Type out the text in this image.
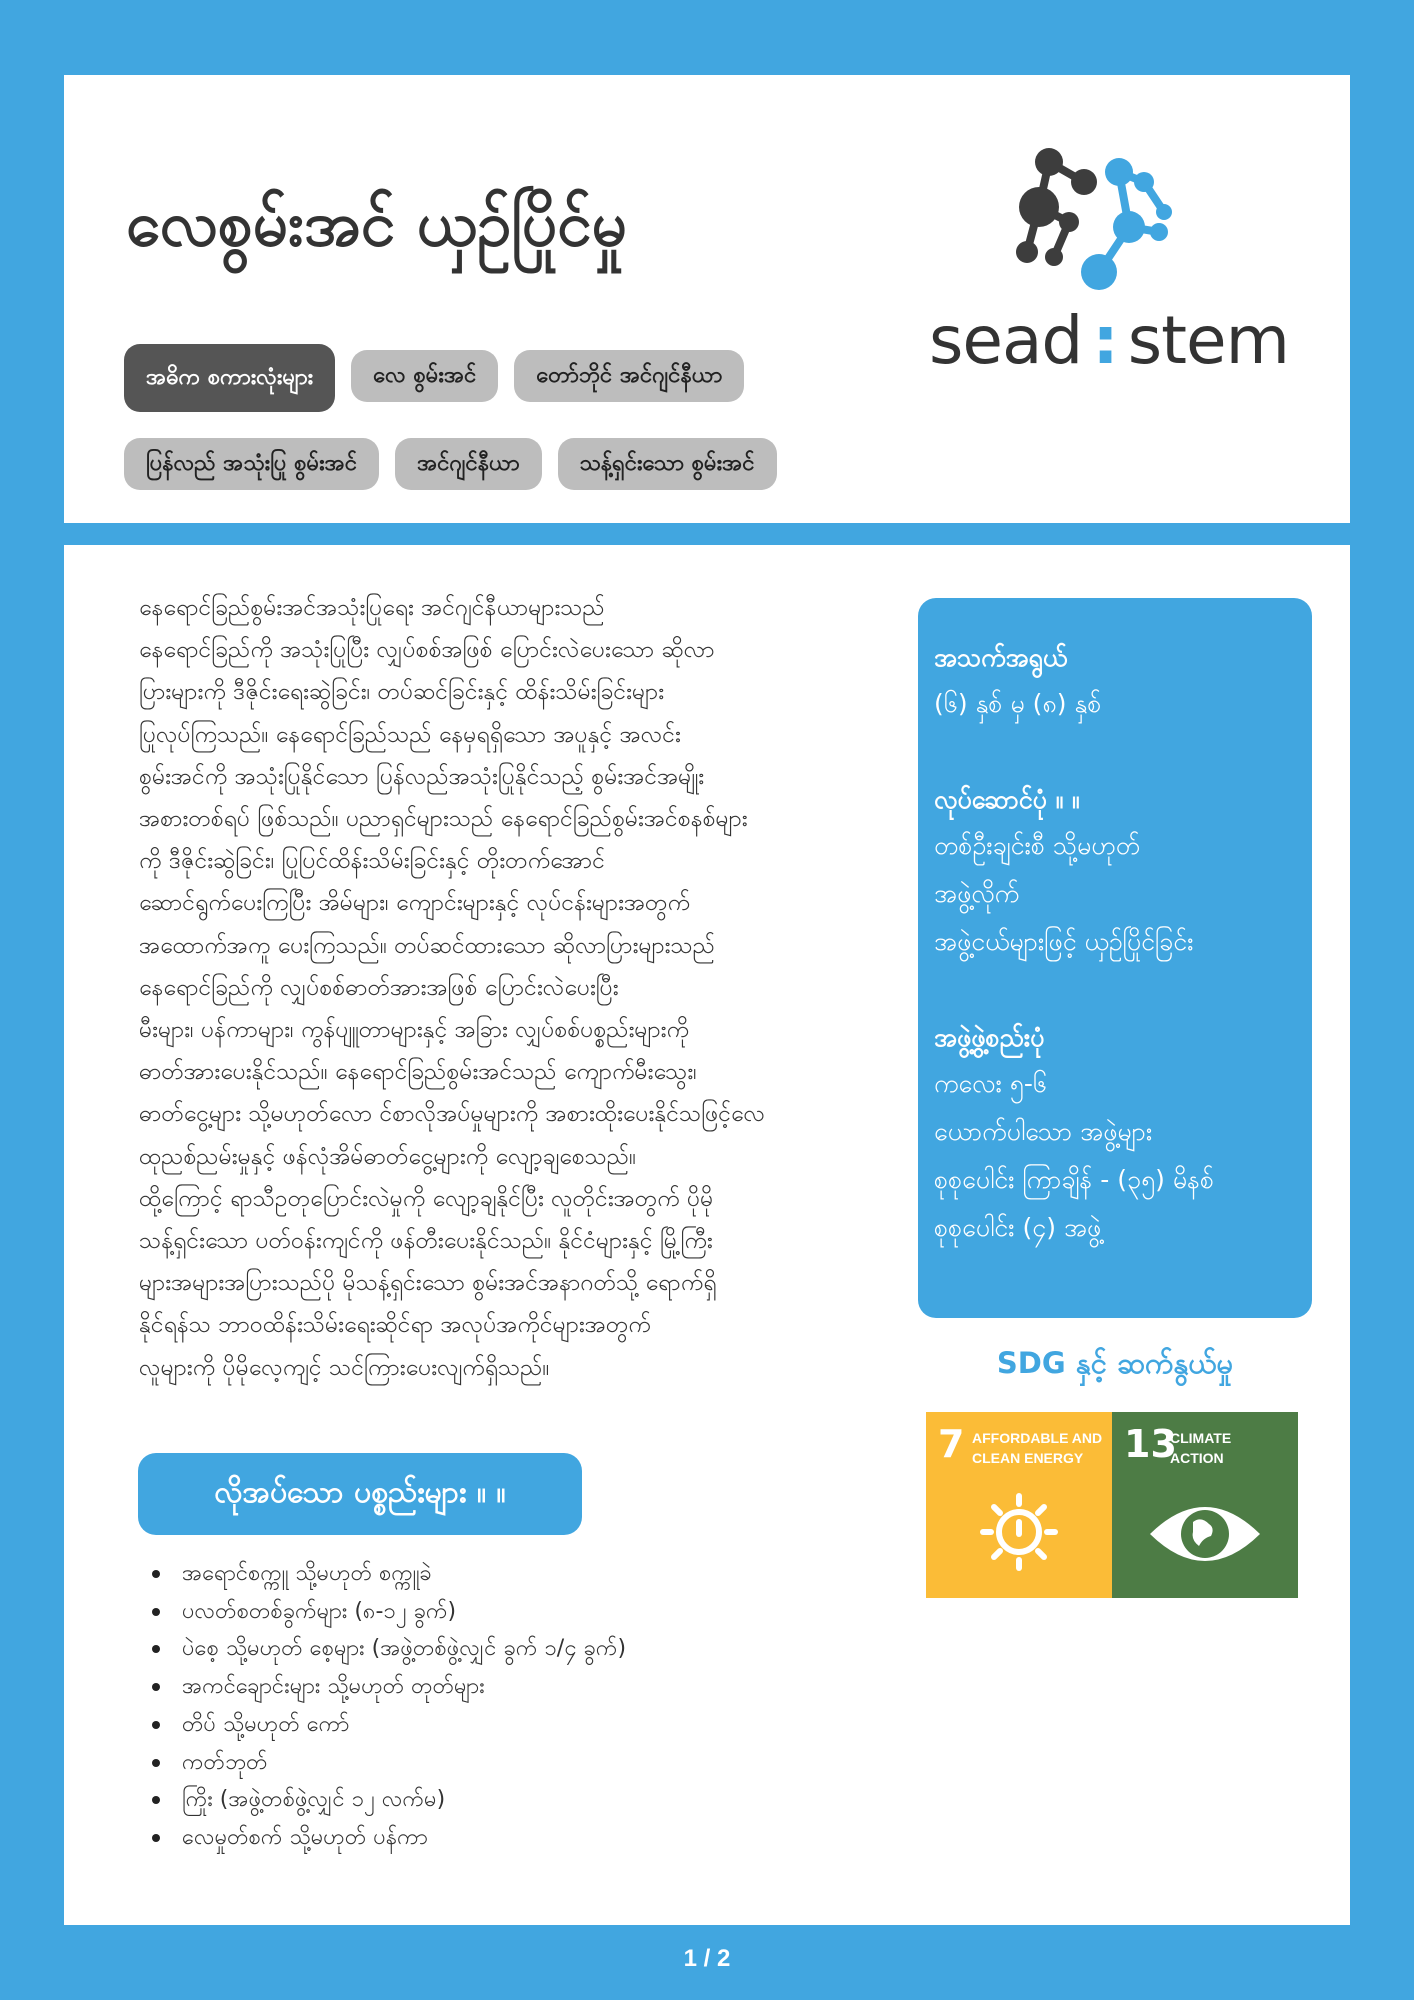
လေစွမ်းအင် ယှဉ်ပြိုင်မှု
sead : stem
အဓိက စကားလုံးများ	လေ စွမ်းအင်	တော်ဘိုင် အင်ဂျင်နီယာ
ပြန်လည် အသုံးပြု စွမ်းအင်	အင်ဂျင်နီယာ	သန့်ရှင်းသော စွမ်းအင်
နေရောင်ခြည်စွမ်းအင်အသုံးပြုရေး အင်ဂျင်နီယာများသည်
နေရောင်ခြည်ကို အသုံးပြုပြီး လျှပ်စစ်အဖြစ် ပြောင်းလဲပေးသော ဆိုလာ
ပြားများကို ဒီဇိုင်းရေးဆွဲခြင်း၊ တပ်ဆင်ခြင်းနှင့် ထိန်းသိမ်းခြင်းများ
ပြုလုပ်ကြသည်။ နေရောင်ခြည်သည် နေမှရရှိသော အပူနှင့် အလင်း
စွမ်းအင်ကို အသုံးပြုနိုင်သော ပြန်လည်အသုံးပြုနိုင်သည့် စွမ်းအင်အမျိုး
အစားတစ်ရပ် ဖြစ်သည်။ ပညာရှင်များသည် နေရောင်ခြည်စွမ်းအင်စနစ်များ
ကို ဒီဇိုင်းဆွဲခြင်း၊ ပြုပြင်ထိန်းသိမ်းခြင်းနှင့် တိုးတက်အောင်
ဆောင်ရွက်ပေးကြပြီး အိမ်များ၊ ကျောင်းများနှင့် လုပ်ငန်းများအတွက်
အထောက်အကူ ပေးကြသည်။ တပ်ဆင်ထားသော ဆိုလာပြားများသည်
နေရောင်ခြည်ကို လျှပ်စစ်ဓာတ်အားအဖြစ် ပြောင်းလဲပေးပြီး
မီးများ၊ ပန်ကာများ၊ ကွန်ပျူတာများနှင့် အခြား လျှပ်စစ်ပစ္စည်းများကို
ဓာတ်အားပေးနိုင်သည်။ နေရောင်ခြည်စွမ်းအင်သည် ကျောက်မီးသွေး၊
ဓာတ်ငွေ့များ သို့မဟုတ်လော င်စာလိုအပ်မှုများကို အစားထိုးပေးနိုင်သဖြင့်လေ
ထုညစ်ညမ်းမှုနှင့် ဖန်လုံအိမ်ဓာတ်ငွေ့များကို လျော့ချစေသည်။
ထို့ကြောင့် ရာသီဥတုပြောင်းလဲမှုကို လျော့ချနိုင်ပြီး လူတိုင်းအတွက် ပိုမို
သန့်ရှင်းသော ပတ်ဝန်းကျင်ကို ဖန်တီးပေးနိုင်သည်။ နိုင်ငံများနှင့် မြို့ကြီး
များအများအပြားသည်ပို မိုသန့်ရှင်းသော စွမ်းအင်အနာဂတ်သို့ ရောက်ရှိ
နိုင်ရန်သ ဘာဝထိန်းသိမ်းရေးဆိုင်ရာ အလုပ်အကိုင်များအတွက်
လူများကို ပိုမိုလေ့ကျင့် သင်ကြားပေးလျက်ရှိသည်။
လိုအပ်သော ပစ္စည်းများ ။ ။
အရောင်စက္ကူ သို့မဟုတ် စက္ကူခဲ
ပလတ်စတစ်ခွက်များ (၈-၁၂ ခွက်)
ပဲစေ့ သို့မဟုတ် စေ့များ (အဖွဲ့တစ်ဖွဲ့လျှင် ခွက် ၁/၄ ခွက်)
အကင်ချောင်းများ သို့မဟုတ် တုတ်များ
တိပ် သို့မဟုတ် ကော်
ကတ်ဘုတ်
ကြိုး (အဖွဲ့တစ်ဖွဲ့လျှင် ၁၂ လက်မ)
လေမှုတ်စက် သို့မဟုတ် ပန်ကာ
အသက်အရွယ်
(၆) နှစ် မှ (၈) နှစ်
လုပ်ဆောင်ပုံ ။ ။
တစ်ဦးချင်းစီ သို့မဟုတ်
အဖွဲ့လိုက်
အဖွဲ့ငယ်များဖြင့် ယှဉ်ပြိုင်ခြင်း
အဖွဲ့ဖွဲ့စည်းပုံ
ကလေး ၅-၆
ယောက်ပါသော အဖွဲ့များ
စုစုပေါင်း ကြာချိန် - (၃၅) မိနစ်
စုစုပေါင်း (၄) အဖွဲ့
SDG နှင့် ဆက်နွယ်မှု
7 AFFORDABLE AND
CLEAN ENERGY	13
CLIMATE
ACTION
1 / 2
